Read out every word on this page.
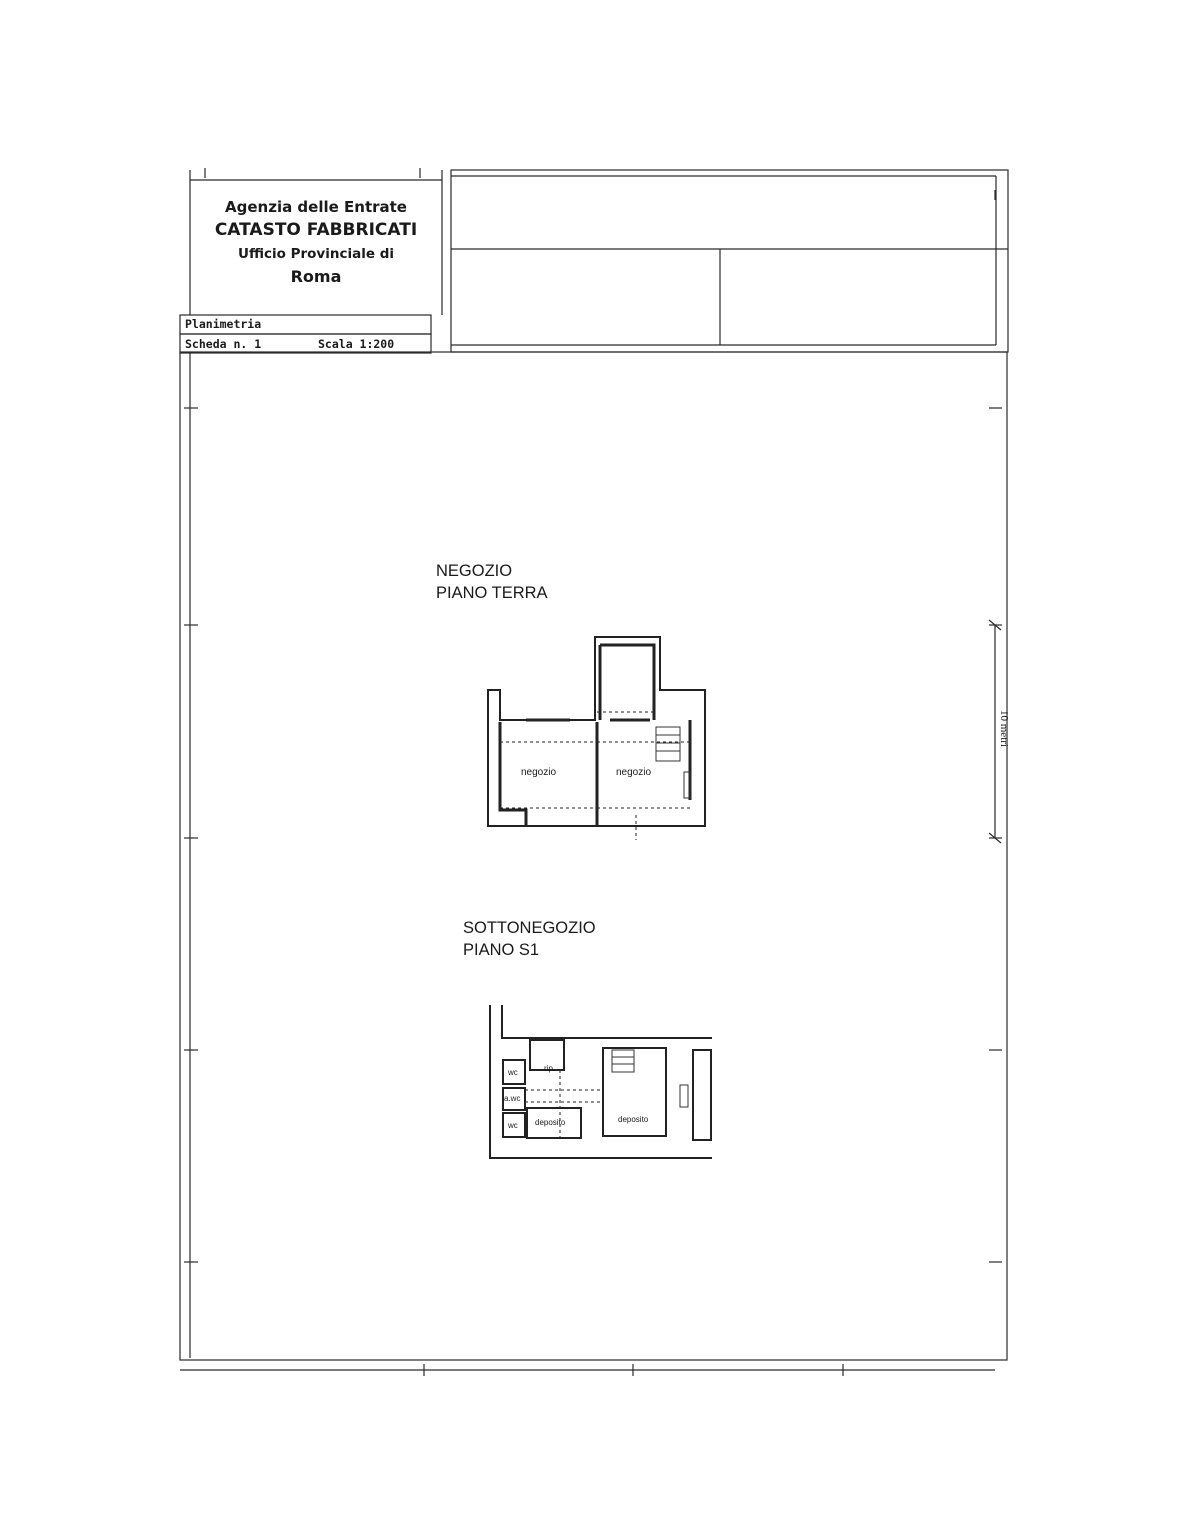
Agenzia delle Entrate
CATASTO FABBRICATI
Ufficio Provinciale di
Roma
Planimetria
Scheda n. 1	Scala 1:200
NEGOZIO
PIANO TERRA
negozio	negozio
SOTTONEGOZIO
PIANO S1
wc	rip.
a.wc
wc deposito	deposito
10 metri
